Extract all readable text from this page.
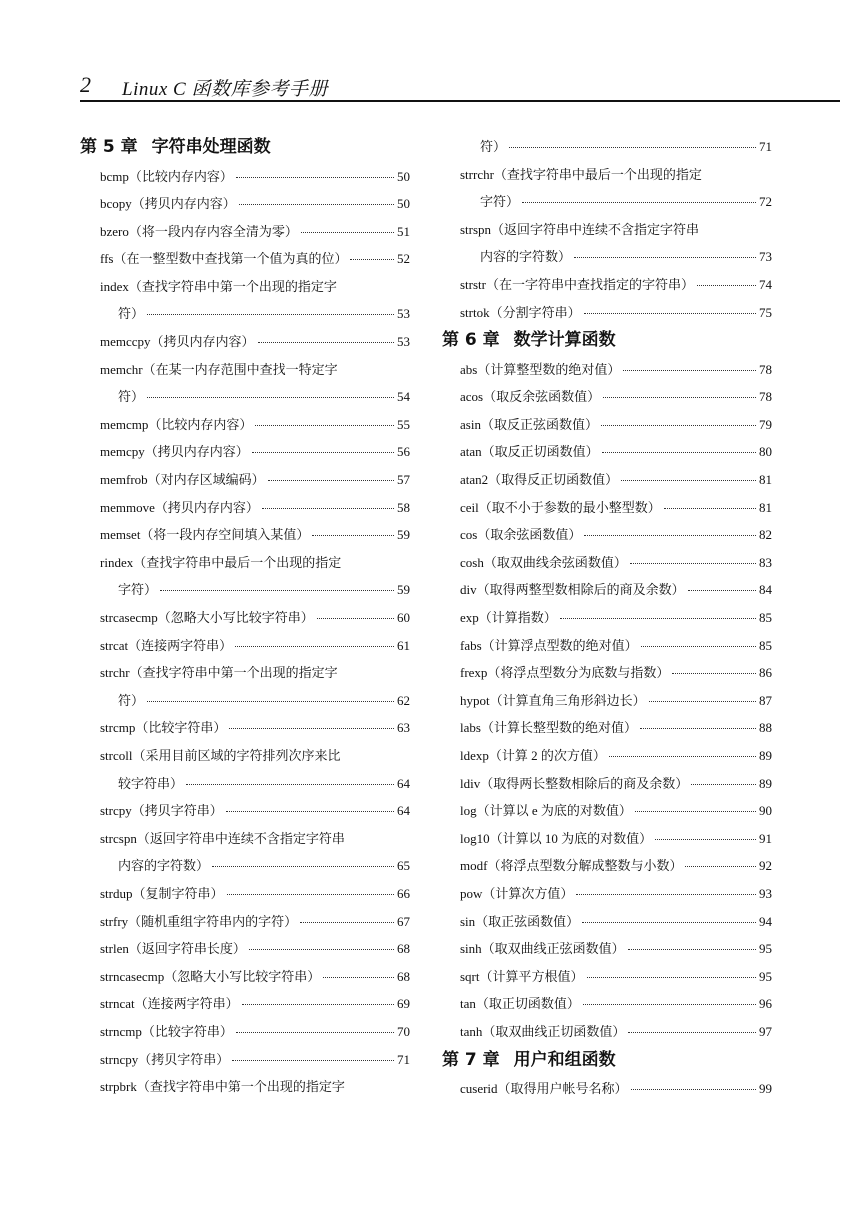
2 Linux C 函数库参考手册
第 5 章 字符串处理函数
bcmp（比较内存内容）	50
bcopy（拷贝内存内容）	50
bzero（将一段内存内容全清为零）	51
ffs（在一整型数中查找第一个值为真的位）	52
index（查找字符串中第一个出现的指定字
符）	53
memccpy（拷贝内存内容）	53
memchr（在某一内存范围中查找一特定字
符）	54
memcmp（比较内存内容）	55
memcpy（拷贝内存内容）	56
memfrob（对内存区域编码）	57
memmove（拷贝内存内容）	58
memset（将一段内存空间填入某值）	59
rindex（查找字符串中最后一个出现的指定
字符）	59
strcasecmp（忽略大小写比较字符串）	60
strcat（连接两字符串）	61
strchr（查找字符串中第一个出现的指定字
符）	62
strcmp（比较字符串）	63
strcoll（采用目前区域的字符排列次序来比
较字符串）	64
strcpy（拷贝字符串）	64
strcspn（返回字符串中连续不含指定字符串
内容的字符数）	65
strdup（复制字符串）	66
strfry（随机重组字符串内的字符）	67
strlen（返回字符串长度）	68
strncasecmp（忽略大小写比较字符串）	68
strncat（连接两字符串）	69
strncmp（比较字符串）	70
strncpy（拷贝字符串）	71
strpbrk（查找字符串中第一个出现的指定字
符）	71
strrchr（查找字符串中最后一个出现的指定
字符）	72
strspn（返回字符串中连续不含指定字符串
内容的字符数）	73
strstr（在一字符串中查找指定的字符串）	74
strtok（分割字符串）	75
第 6 章 数学计算函数
abs（计算整型数的绝对值）	78
acos（取反余弦函数值）	78
asin（取反正弦函数值）	79
atan（取反正切函数值）	80
atan2（取得反正切函数值）	81
ceil（取不小于参数的最小整型数）	81
cos（取余弦函数值）	82
cosh（取双曲线余弦函数值）	83
div（取得两整型数相除后的商及余数）	84
exp（计算指数）	85
fabs（计算浮点型数的绝对值）	85
frexp（将浮点型数分为底数与指数）	86
hypot（计算直角三角形斜边长）	87
labs（计算长整型数的绝对值）	88
ldexp（计算 2 的次方值）	89
ldiv（取得两长整数相除后的商及余数）	89
log（计算以 e 为底的对数值）	90
log10（计算以 10 为底的对数值）	91
modf（将浮点型数分解成整数与小数）	92
pow（计算次方值）	93
sin（取正弦函数值）	94
sinh（取双曲线正弦函数值）	95
sqrt（计算平方根值）	95
tan（取正切函数值）	96
tanh（取双曲线正切函数值）	97
第 7 章 用户和组函数
cuserid（取得用户帐号名称）	99
